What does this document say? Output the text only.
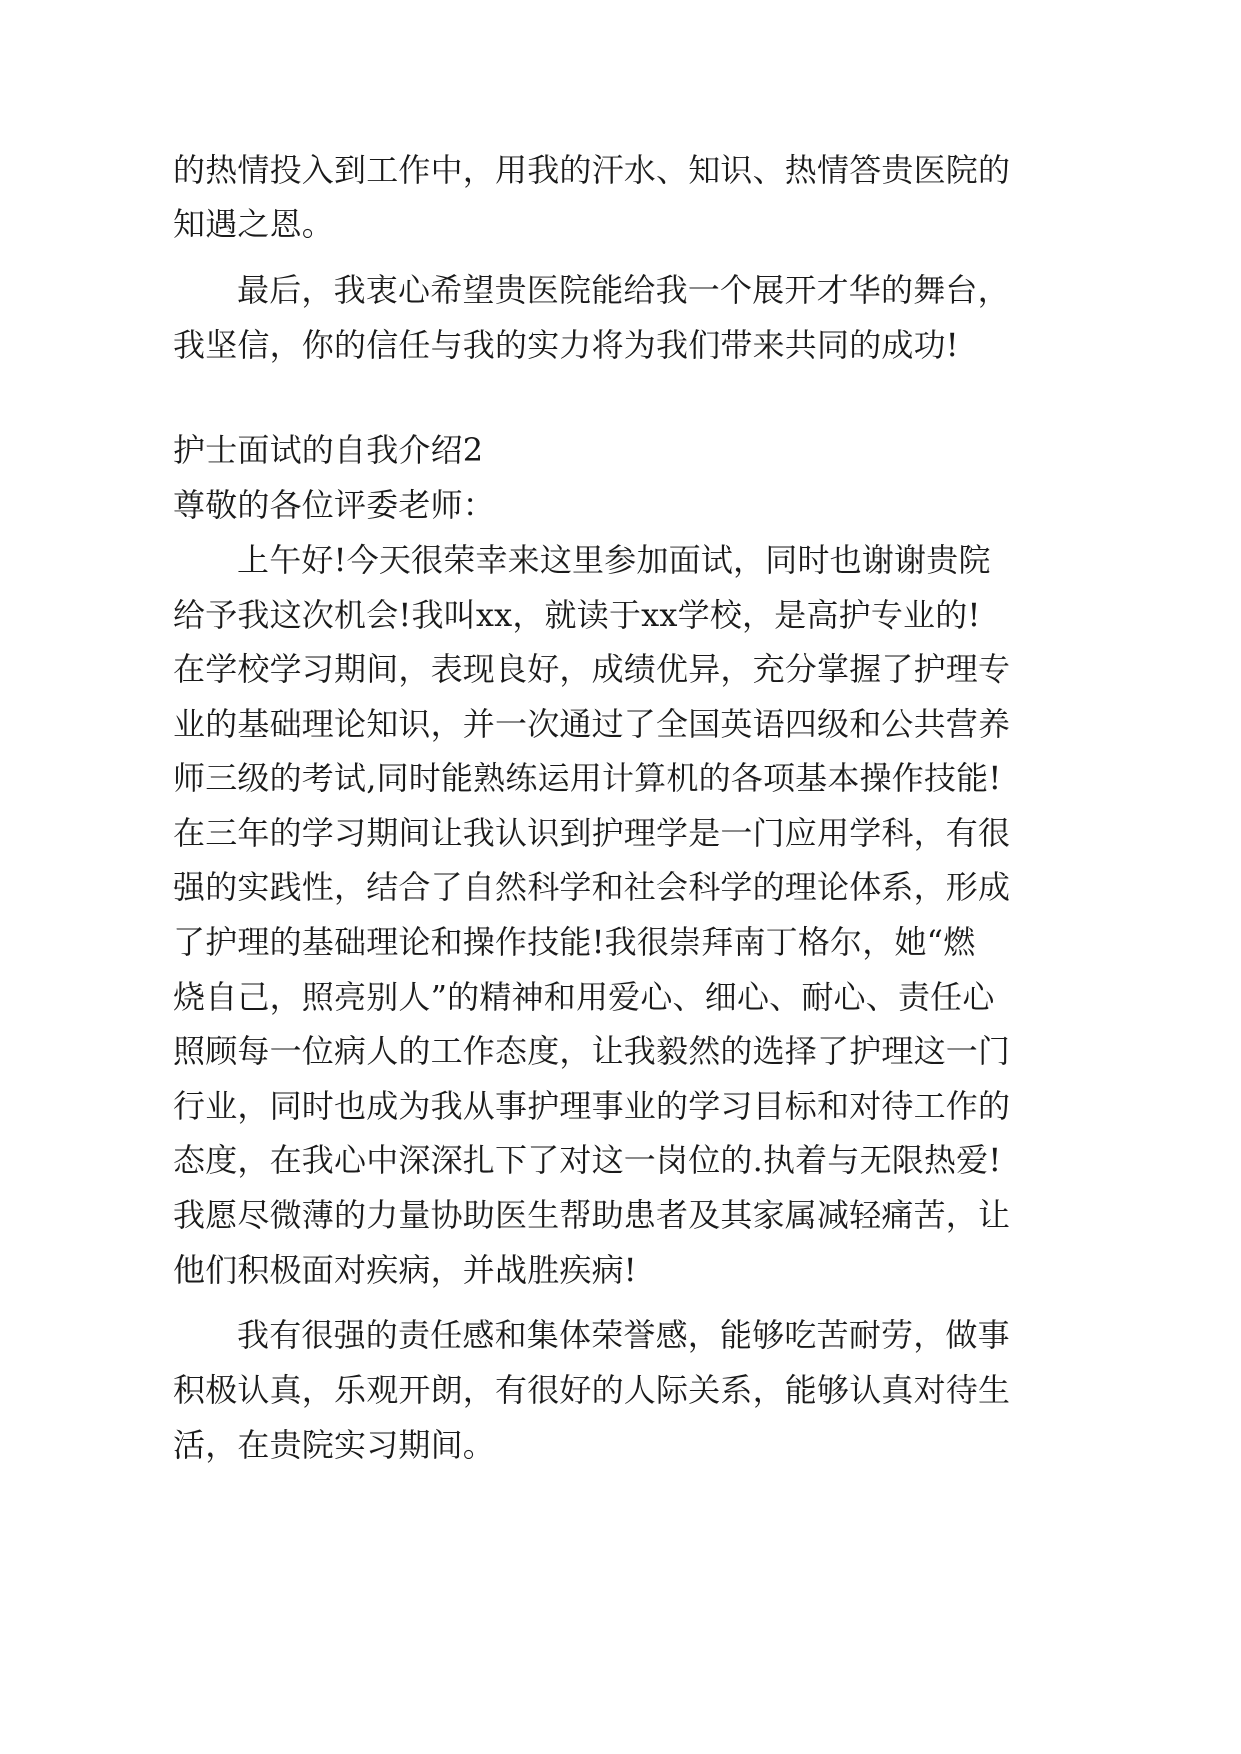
的热情投入到工作中，用我的汗水、知识、热情答贵医院的
知遇之恩。
最后，我衷心希望贵医院能给我一个展开才华的舞台，
我坚信，你的信任与我的实力将为我们带来共同的成功!
护士面试的自我介绍2
尊敬的各位评委老师：
上午好!今天很荣幸来这里参加面试，同时也谢谢贵院
给予我这次机会!我叫xx，就读于xx学校，是高护专业的!
在学校学习期间，表现良好，成绩优异，充分掌握了护理专
业的基础理论知识，并一次通过了全国英语四级和公共营养
师三级的考试,同时能熟练运用计算机的各项基本操作技能!
在三年的学习期间让我认识到护理学是一门应用学科，有很
强的实践性，结合了自然科学和社会科学的理论体系，形成
了护理的基础理论和操作技能!我很崇拜南丁格尔，她“燃
烧自己，照亮别人”的精神和用爱心、细心、耐心、责任心
照顾每一位病人的工作态度，让我毅然的选择了护理这一门
行业，同时也成为我从事护理事业的学习目标和对待工作的
态度，在我心中深深扎下了对这一岗位的.执着与无限热爱!
我愿尽微薄的力量协助医生帮助患者及其家属减轻痛苦，让
他们积极面对疾病，并战胜疾病!
我有很强的责任感和集体荣誉感，能够吃苦耐劳，做事
积极认真，乐观开朗，有很好的人际关系，能够认真对待生
活，在贵院实习期间。
